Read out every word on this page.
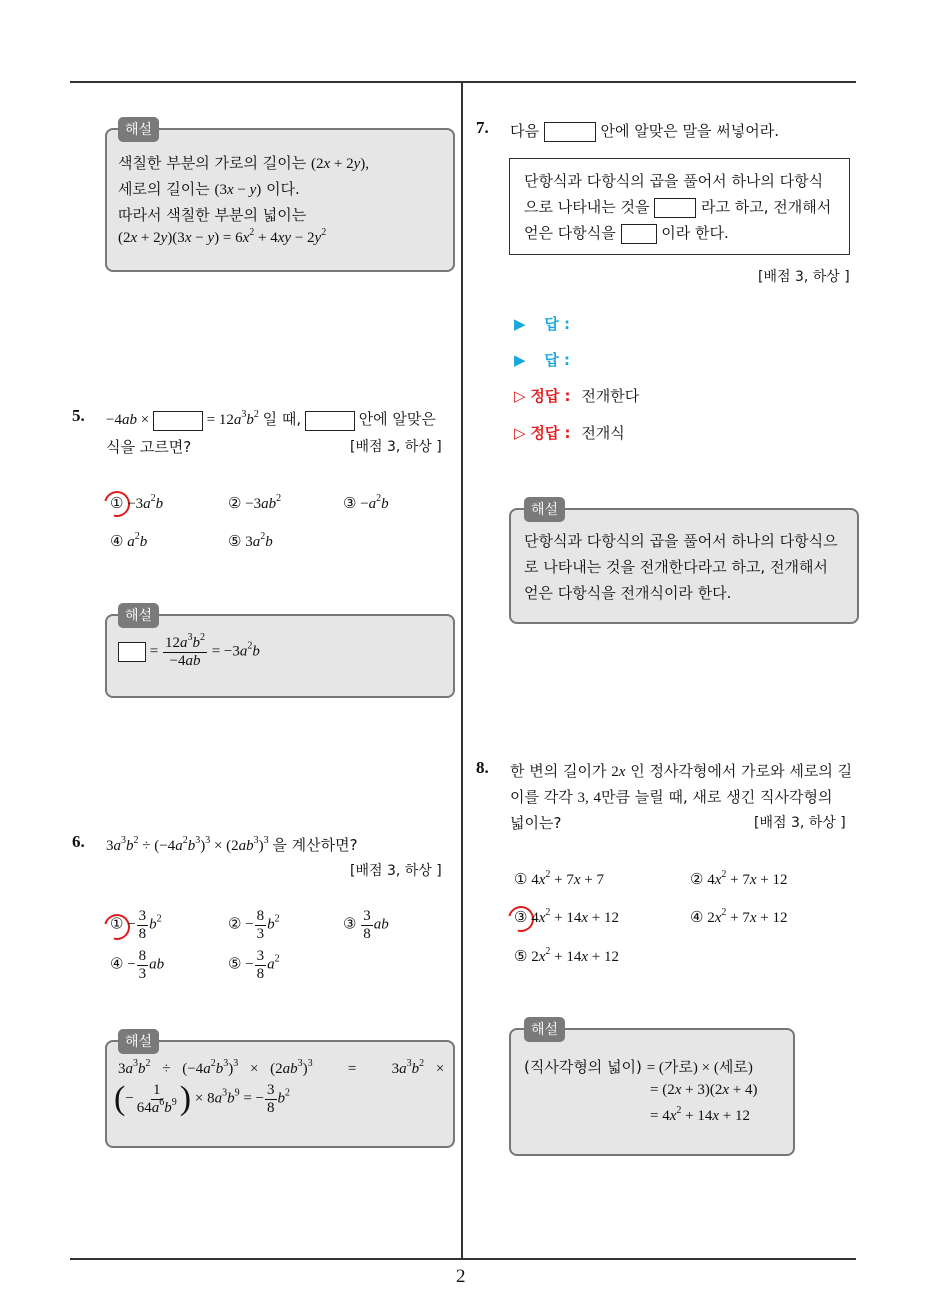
해설
색칠한 부분의 가로의 길이는 (2x + 2y),
세로의 길이는 (3x − y) 이다.
따라서 색칠한 부분의 넓이는
$(2x + 2y)(3x - y) = 6x^2 + 4xy - 2y^2$
5. −4ab ×	= $12a^3b^2$ 일 때,	안에 알맞은
식을 고르면?	[배점 3, 하상 ]
① $-3a^2b$	② $-3ab^2$	③ $-a^2b$
④ $a^2b$	⑤ $3a^2b$
해설
= $\frac{12a^3b^2}{-4ab} = -3a^2b$
6. $3a^3b^2 \div (-4a^2b^3)^3 \times (2ab^3)^3$ 을 계산하면?
[배점 3, 하상 ]
① − $\frac{3}{8} b^2$	② − $\frac{8}{3} b^2$	③ $\frac{3}{8}$ ab
④ − $\frac{8}{3}$ ab	⑤ − $\frac{3}{8} a^2$
해설
$3a^3b^2 \div (-4a^2b^3)^3 \times (2ab^3)^3 = 3a^3b^2$ ×
(− $\frac{1}{64a^6b^9}$ ) × $8a^3b^9$ = − $\frac{3}{8} b^2$
7. 다음	안에 알맞은 말을 써넣어라.
단항식과 다항식의 곱을 풀어서 하나의 다항식
으로 나타내는 것을	라고 하고, 전개해서
얻은 다항식을	이라 한다.
[배점 3, 하상 ]
▶ 답 :
▶ 답 :
▷ 정답 : 전개한다
▷ 정답 : 전개식
해설
단항식과 다항식의 곱을 풀어서 하나의 다항식으
로 나타내는 것을 전개한다라고 하고, 전개해서
얻은 다항식을 전개식이라 한다.
8. 한 변의 길이가 2x 인 정사각형에서 가로와 세로의 길
이를 각각 3, 4만큼 늘릴 때, 새로 생긴 직사각형의
넓이는?	[배점 3, 하상 ]
① $4x^2 + 7x + 7$	② $4x^2 + 7x + 12$
③ $4x^2 + 14x + 12$	④ $2x^2 + 7x + 12$
⑤ $2x^2 + 14x + 12$
해설
(직사각형의 넓이) = (가로) × (세로)
= (2x + 3)(2x + 4)
= $4x^2 + 14x + 12$
2
